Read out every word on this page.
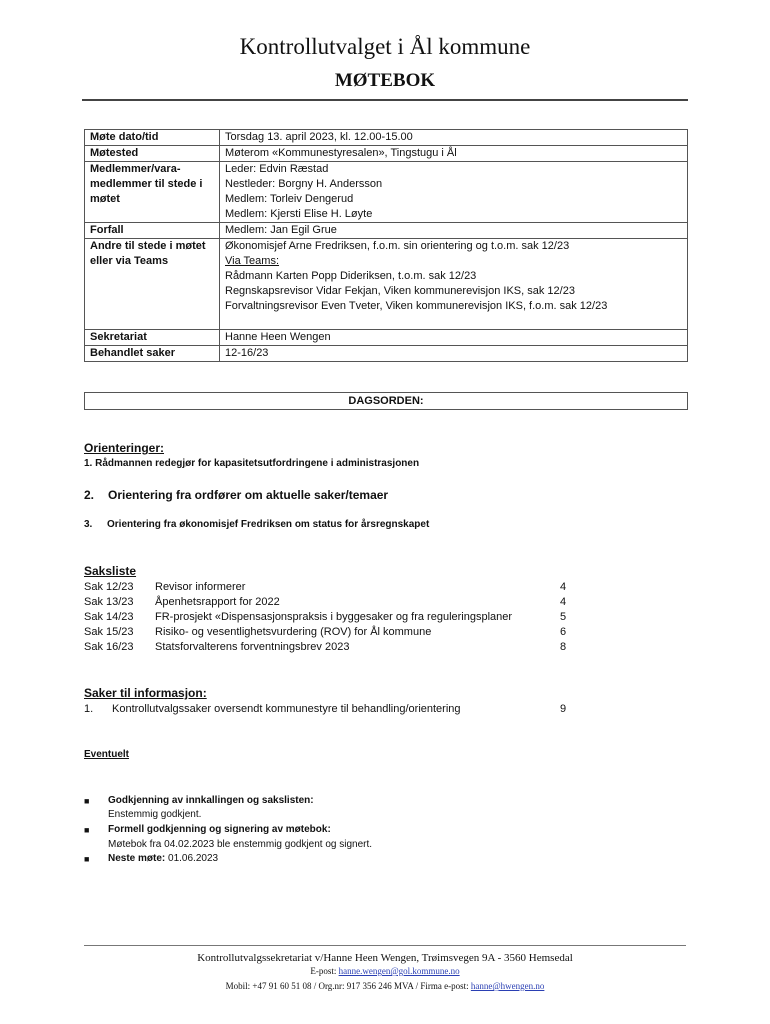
Kontrollutvalget i Ål kommune
MØTEBOK
Møte dato/tid	Torsdag 13. april 2023, kl. 12.00-15.00

Møtested	Møterom «Kommunestyresalen», Tingstugu i Ål

Medlemmer/vara-medlemmer til stede i møtet	Leder: Edvin Ræstad
Nestleder: Borgny H. Andersson
Medlem: Torleiv Dengerud
Medlem: Kjersti Elise H. Løyte

Forfall	Medlem: Jan Egil Grue

Andre til stede i møtet eller via Teams	Økonomisjef Arne Fredriksen, f.o.m. sin orientering og t.o.m. sak 12/23
Via Teams:
Rådmann Karten Popp Dideriksen, t.o.m. sak 12/23
Regnskapsrevisor Vidar Fekjan, Viken kommunerevisjon IKS, sak 12/23
Forvaltningsrevisor Even Tveter, Viken kommunerevisjon IKS, f.o.m. sak 12/23

Sekretariat	Hanne Heen Wengen

Behandlet saker	12-16/23
DAGSORDEN:
Orienteringer:
1. Rådmannen redegjør for kapasitetsutfordringene i administrasjonen
2. Orientering fra ordfører om aktuelle saker/temaer
3. Orientering fra økonomisjef Fredriksen om status for årsregnskapet
Saksliste
Sak 12/23 Revisor informerer	4
Sak 13/23 Åpenhetsrapport for 2022	4
Sak 14/23 FR-prosjekt «Dispensasjonspraksis i byggesaker og fra reguleringsplaner	5
Sak 15/23 Risiko- og vesentlighetsvurdering (ROV) for Ål kommune	6
Sak 16/23 Statsforvalterens forventningsbrev 2023	8
Saker til informasjon:
1. Kontrollutvalgssaker oversendt kommunestyre til behandling/orientering	9
Eventuelt
■ Godkjenning av innkallingen og sakslisten:
Enstemmig godkjent.
■ Formell godkjenning og signering av møtebok:
Møtebok fra 04.02.2023 ble enstemmig godkjent og signert.
■ Neste møte: 01.06.2023
Kontrollutvalgssekretariat v/Hanne Heen Wengen, Trøimsvegen 9A - 3560 Hemsedal
E-post: hanne.wengen@gol.kommune.no
Mobil: +47 91 60 51 08 / Org.nr: 917 356 246 MVA / Firma e-post: hanne@hwengen.no
